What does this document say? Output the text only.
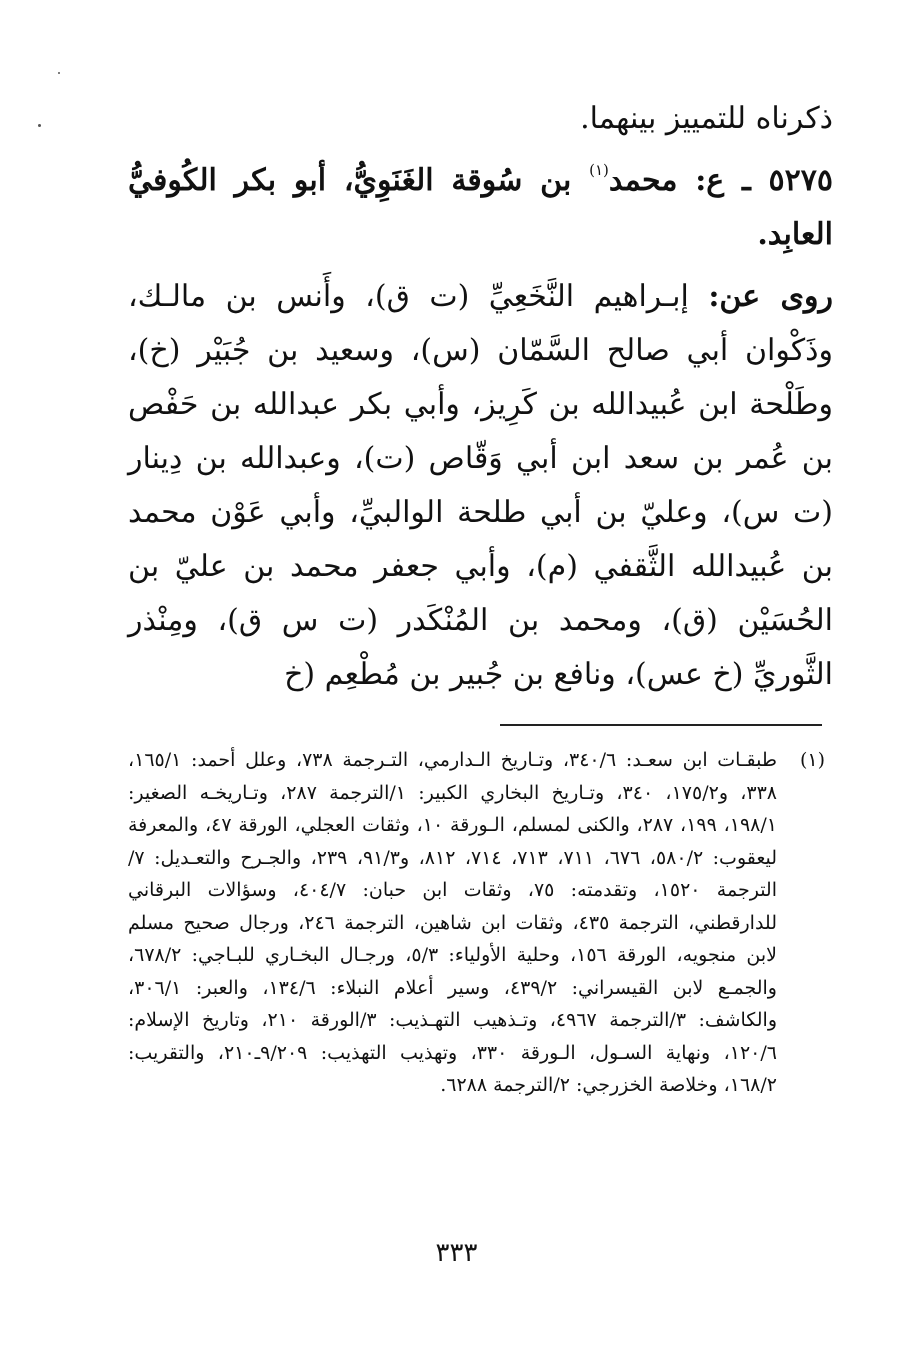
ذكرناه للتمييز بينهما.

٥٢٧٥ ـ ع: محمد$^{(١)}$ بن سُوقة الغَنَوِيُّ، أبو بكر الكُوفيُّ العابِد.

روى عن: إبـراهيم النَّخَعِيِّ (ت ق)، وأَنس بن مالـك، وذَكْوان أبي صالح السَّمّان (س)، وسعيد بن جُبَيْر (خ)، وطَلْحة ابن عُبيدالله بن كَرِيز، وأبي بكر عبدالله بن حَفْص بن عُمر بن سعد ابن أبي وَقّاص (ت)، وعبدالله بن دِينار (ت س)، وعليّ بن أبي طلحة الوالبيِّ، وأبي عَوْن محمد بن عُبيدالله الثَّقفي (م)، وأبي جعفر محمد بن عليّ بن الحُسَيْن (ق)، ومحمد بن المُنْكَدر (ت س ق)، ومِنْذر الثَّوريِّ (خ عس)، ونافع بن جُبير بن مُطْعِم (خ

(١)
طبقـات ابن سعـد: ٣٤٠/٦، وتـاريخ الـدارمي، التـرجمة ٧٣٨، وعلل أحمد: ١٦٥/١، ٣٣٨، و١٧٥/٢، ٣٤٠، وتـاريخ البخاري الكبير: ١/الترجمة ٢٨٧، وتـاريخـه الصغير: ١٩٨/١، ١٩٩، ٢٨٧، والكنى لمسلم، الـورقة ١٠، وثقات العجلي، الورقة ٤٧، والمعرفة ليعقوب: ٥٨٠/٢، ٦٧٦، ٧١١، ٧١٣، ٧١٤، ٨١٢، و٩١/٣، ٢٣٩، والجـرح والتعـديل: ٧/الترجمة ١٥٢٠، وتقدمته: ٧٥، وثقات ابن حبان: ٤٠٤/٧، وسؤالات البرقاني للدارقطني، الترجمة ٤٣٥، وثقات ابن شاهين، الترجمة ٢٤٦، ورجال صحيح مسلم لابن منجويه، الورقة ١٥٦، وحلية الأولياء: ٥/٣، ورجـال البخـاري للبـاجي: ٦٧٨/٢، والجمـع لابن القيسراني: ٤٣٩/٢، وسير أعلام النبلاء: ١٣٤/٦، والعبر: ٣٠٦/١، والكاشف: ٣/الترجمة ٤٩٦٧، وتـذهيب التهـذيب: ٣/الورقة ٢١٠، وتاريخ الإسلام: ١٢٠/٦، ونهاية السـول، الـورقة ٣٣٠، وتهذيب التهذيب: ٩/٢٠٩ـ٢١٠، والتقريب: ١٦٨/٢، وخلاصة الخزرجي: ٢/الترجمة ٦٢٨٨.
٣٣٣
